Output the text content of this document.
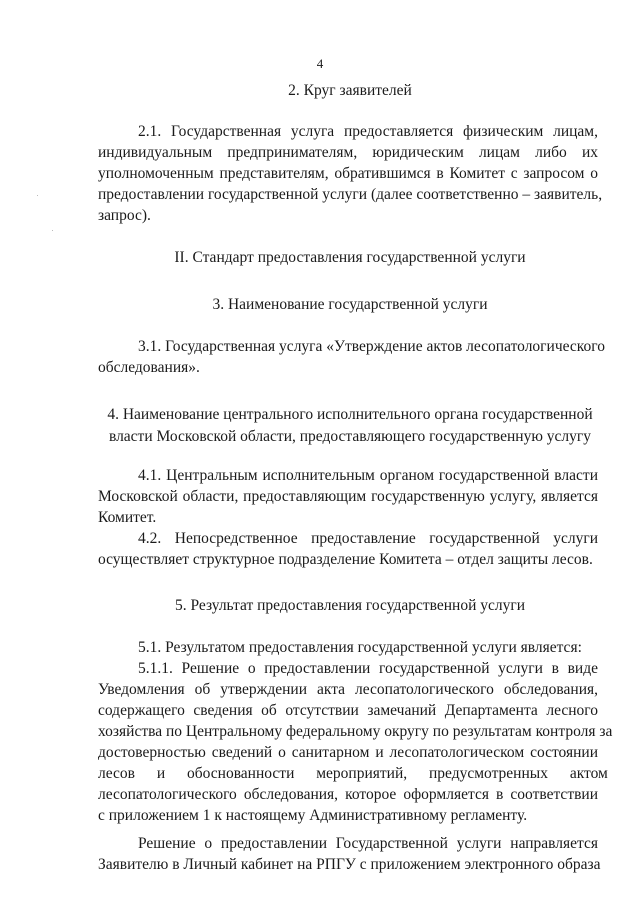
4
2. Круг заявителей
2.1. Государственная услуга предоставляется физическим лицам,
индивидуальным предпринимателям, юридическим лицам либо их
уполномоченным представителям, обратившимся в Комитет с запросом о
предоставлении государственной услуги (далее соответственно – заявитель,
запрос).
II. Стандарт предоставления государственной услуги
3. Наименование государственной услуги
3.1. Государственная услуга «Утверждение актов лесопатологического
обследования».
4. Наименование центрального исполнительного органа государственной
власти Московской области, предоставляющего государственную услугу
4.1. Центральным исполнительным органом государственной власти
Московской области, предоставляющим государственную услугу, является
Комитет.
4.2. Непосредственное предоставление государственной услуги
осуществляет структурное подразделение Комитета – отдел защиты лесов.
5. Результат предоставления государственной услуги
5.1. Результатом предоставления государственной услуги является:
5.1.1. Решение о предоставлении государственной услуги в виде
Уведомления об утверждении акта лесопатологического обследования,
содержащего сведения об отсутствии замечаний Департамента лесного
хозяйства по Центральному федеральному округу по результатам контроля за
достоверностью сведений о санитарном и лесопатологическом состоянии
лесов и обоснованности мероприятий, предусмотренных актом
лесопатологического обследования, которое оформляется в соответствии
с приложением 1 к настоящему Административному регламенту.
Решение о предоставлении Государственной услуги направляется
Заявителю в Личный кабинет на РПГУ с приложением электронного образа
